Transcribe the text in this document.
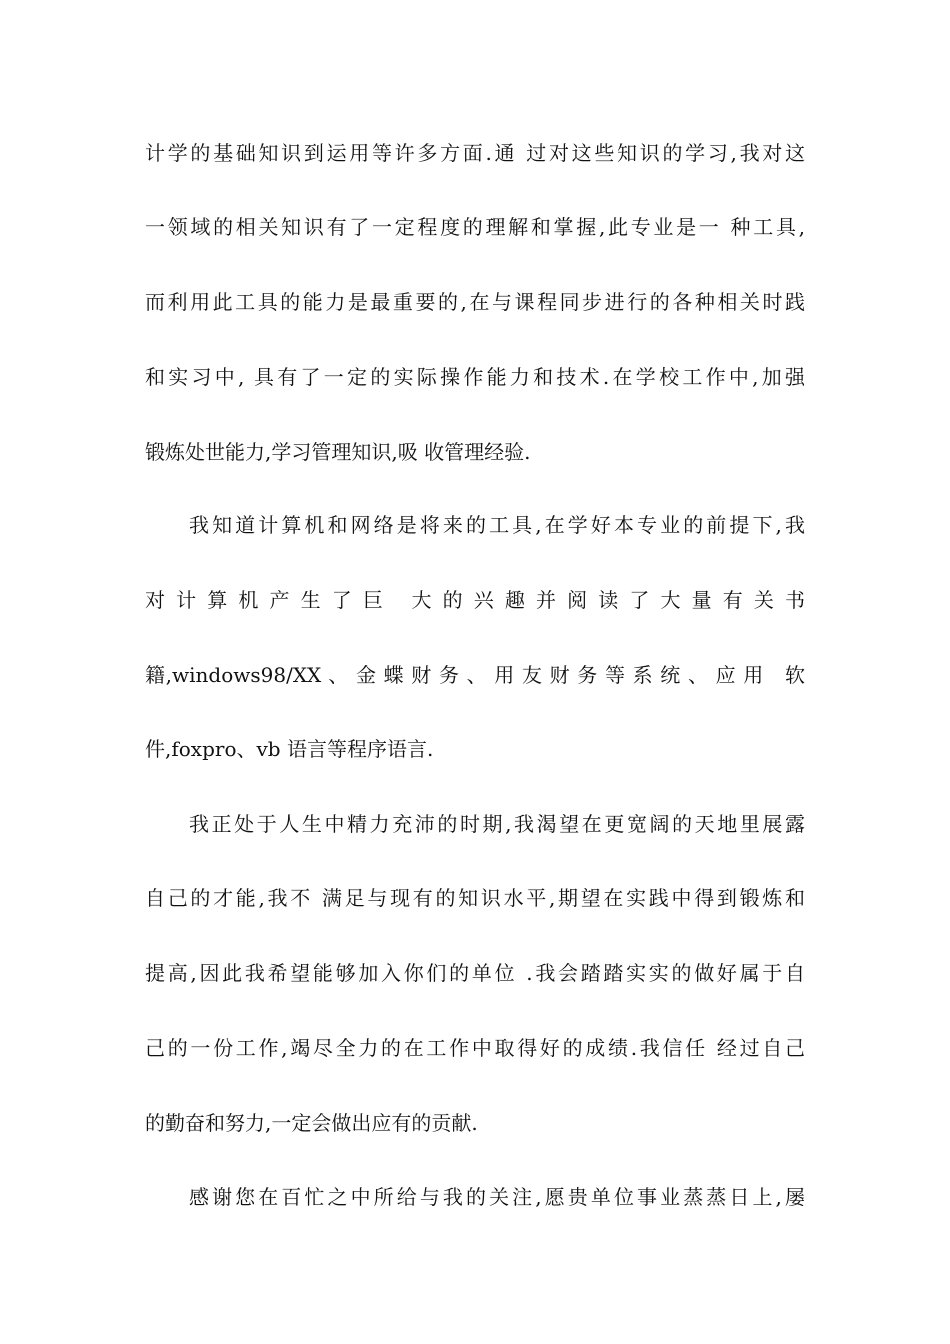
计学的基础知识到运用等许多方面.通 过对这些知识的学习,我对这
一领域的相关知识有了一定程度的理解和掌握,此专业是一 种工具,
而利用此工具的能力是最重要的,在与课程同步进行的各种相关时践
和实习中, 具有了一定的实际操作能力和技术.在学校工作中,加强
锻炼处世能力,学习管理知识,吸 收管理经验.
我知道计算机和网络是将来的工具,在学好本专业的前提下,我
对 计 算 机 产 生 了 巨   大 的 兴 趣 并 阅 读 了 大 量 有 关 书
籍,windows98/XX 、 金 蝶 财 务 、 用 友 财 务 等 系 统 、 应 用   软
件,foxpro、vb 语言等程序语言.
我正处于人生中精力充沛的时期,我渴望在更宽阔的天地里展露
自己的才能,我不 满足与现有的知识水平,期望在实践中得到锻炼和
提高,因此我希望能够加入你们的单位 .我会踏踏实实的做好属于自
己的一份工作,竭尽全力的在工作中取得好的成绩.我信任 经过自己
的勤奋和努力,一定会做出应有的贡献.
感谢您在百忙之中所给与我的关注,愿贵单位事业蒸蒸日上,屡
